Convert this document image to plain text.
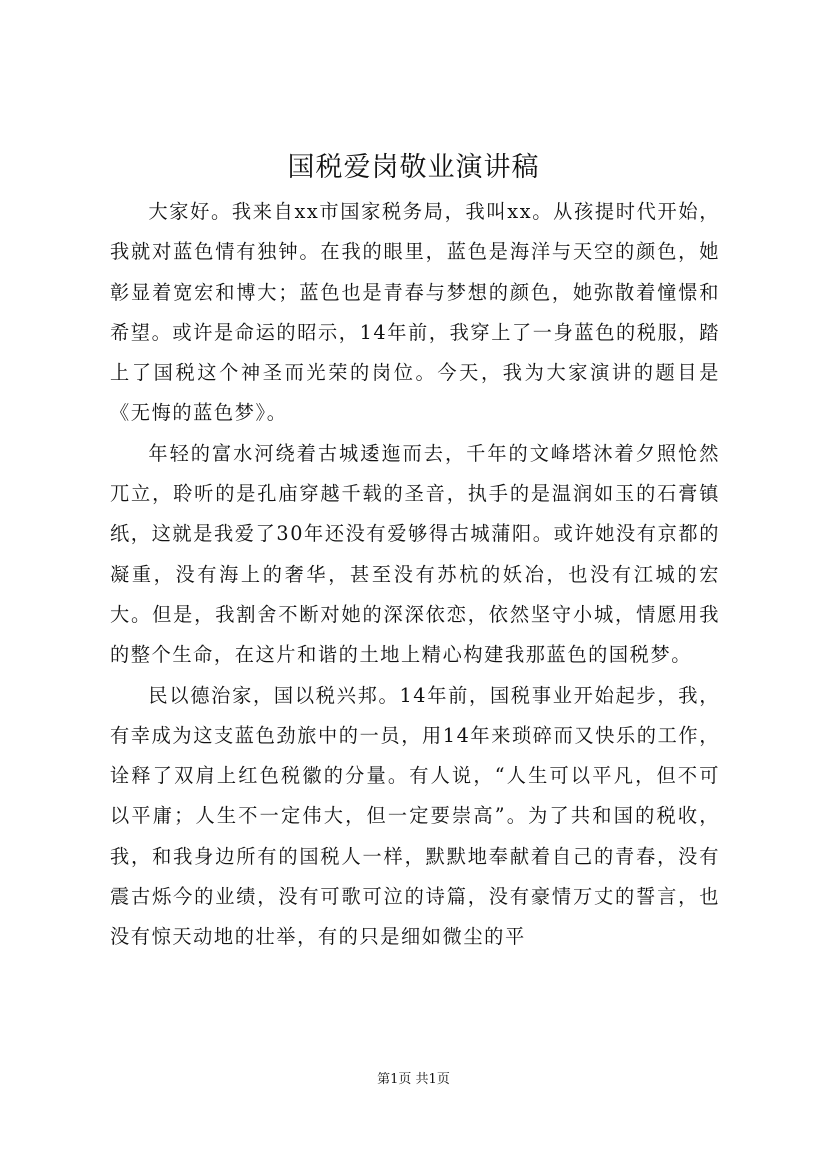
国税爱岗敬业演讲稿

大家好。我来自xx市国家税务局，我叫xx。从孩提时代开始，我就对蓝色情有独钟。在我的眼里，蓝色是海洋与天空的颜色，她彰显着宽宏和博大；蓝色也是青春与梦想的颜色，她弥散着憧憬和希望。或许是命运的昭示，14年前，我穿上了一身蓝色的税服，踏上了国税这个神圣而光荣的岗位。今天，我为大家演讲的题目是《无悔的蓝色梦》。

年轻的富水河绕着古城逶迤而去，千年的文峰塔沐着夕照怆然兀立，聆听的是孔庙穿越千载的圣音，执手的是温润如玉的石膏镇纸，这就是我爱了30年还没有爱够得古城蒲阳。或许她没有京都的凝重，没有海上的奢华，甚至没有苏杭的妖冶，也没有江城的宏大。但是，我割舍不断对她的深深依恋，依然坚守小城，情愿用我的整个生命，在这片和谐的土地上精心构建我那蓝色的国税梦。

民以德治家，国以税兴邦。14年前，国税事业开始起步，我，有幸成为这支蓝色劲旅中的一员，用14年来琐碎而又快乐的工作，诠释了双肩上红色税徽的分量。有人说，“人生可以平凡，但不可以平庸；人生不一定伟大，但一定要崇高”。为了共和国的税收，我，和我身边所有的国税人一样，默默地奉献着自己的青春，没有震古烁今的业绩，没有可歌可泣的诗篇，没有豪情万丈的誓言，也没有惊天动地的壮举，有的只是细如微尘的平

第1页 共1页
